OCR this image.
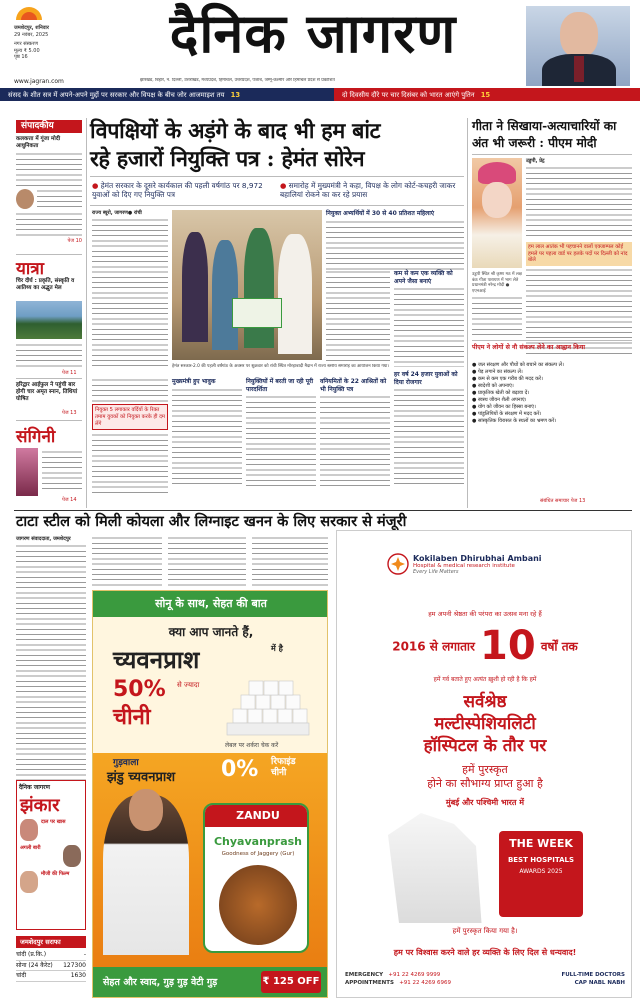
जमशेदपुर, शनिवार
29 नवंबर, 2025
नगर संस्करण
मूल्य ₹ 5.00
पृष्ठ 16	दैनिक जागरण
www.jagran.com	झारखंड, बिहार, नं. दिल्ली, उत्तराखंड, मध्यप्रदेश, हिमाचल, उत्तरप्रदेश, पंजाब, जम्मू-कश्मीर और हिमाचल प्रदेश से प्रकाशित
संसद के शीत सत्र में अपने-अपने मुद्दों पर सरकार और विपक्ष के बीच जोर आजमाइश तय 13	दो दिवसीय दौरे पर चार दिसंबर को भारत आएंगे पुतिन 15
संपादकीय
कलकत्ता में गूंजा मोदी आधुनिकता
पेज 10
यात्रा
चिर दीर्घ : प्रकृति, संस्कृति व आतिथ्य का अद्भुत मेल
पेज 11
हरिद्वार आईफुल ने पहुंची बार होगी चार अमृत स्नान, तिथियां घोषित
पेज 13
संगिनी
पेज 14
विपक्षियों के अड़ंगे के बाद भी हम बांट
रहे हजारों नियुक्ति पत्र : हेमंत सोरेन
● हेमंत सरकार के दूसरे कार्यकाल की पहली वर्षगांठ पर 8,972 युवाओं को दिए गए नियुक्ति पत्र
● समारोह में मुख्यमंत्री ने कहा, विपक्ष के लोग कोर्ट-कचहरी जाकर बहालियां रोकने का कर रहे प्रयास
राज्य ब्यूरो, जागरण● रांची
हेमंत सरकार-2.0 की पहली वर्षगांठ के अवसर पर शुक्रवार को रांची स्थित मोरहाबादी मैदान में राज्य स्तरीय समारोह का आयोजन किया गया।
नियुक्त अभ्यर्थियों में 30 से 40 प्रतिशत महिलाएं
नियुक्त 5 लगाकार वर्दियों के रिक्त तमाम युवकों को नियुक्त करके ही दम लेंगे
मुख्यमंत्री हुए भावुक	नियुक्तियों में बरती जा रही पूरी पारदर्शिता
वनियमितों के 22 आश्रितों को भी नियुक्ति पत्र
कम से कम एक व्यक्ति को अपने जैसा बनाएं
हर वर्ष 24 हजार युवाओं को दिया रोजगार
गीता ने सिखाया-अत्याचारियों का अंत भी जरूरी : पीएम मोदी
उडुपी, प्रेट्र
हम लाल आतंक भी पहचानने वालों एक्जाम्पल कोई हमले पर पहला वार्ड पर हलके पदों पर दिल्ली को नांद बोले
उडुपी स्थित श्री कृष्ण मठ में लक्ष कंठ गीता पारायण में भाग लेते प्रधानमंत्री नरेन्द्र मोदी ● एएनआई
पीएम ने लोगों से नौ संकल्प लेने का आह्वान किया
● जल संरक्षण और पौधों को बचाने का संकल्प लें।
● पेड़ लगाने का संकल्प लें।
● कम से कम एक गरीब की मदद करें।
● स्वदेशी को अपनाएं।
● प्राकृतिक खेती को बढ़ावा दें।
● स्वस्थ जीवन शैली अपनाएं।
● योग को जीवन का हिस्सा बनाएं।
● पांडुलिपियों के संरक्षण में मदद करें।
● सांस्कृतिक विरासत के स्थलों का भ्रमण करें।
संबंधित समाचार पेज 13
टाटा स्टील को मिली कोयला और लिग्नाइट खनन के लिए सरकार से मंजूरी
जागरण संवाददाता, जमशेदपुर
सोनू के साथ, सेहत की बात
क्या आप जानते हैं,
च्यवनप्राश	में है
50% से ज्यादा
चीनी
लेबल पर शर्करा चेक करें
गुड़वाला
झंडु च्यवनप्राश 0% रिफाइंड
चीनी
ZANDU
Chyavanprash
Goodness of Jaggery (Gur)
सेहत और स्वाद, गुड़ गुड़ वेटी गुड़	₹ 125 OFF
दैनिक जागरण
झंकार
दाल पर खास
अगली बारी
मौजी की फिल्म
जमशेदपुर सराफा
चांदी (प्र.कि.)	-
सोना (24 कैरेट) 127300
चांदी	1630
Kokilaben Dhirubhai Ambani
Hospital & medical research institute
Every Life Matters
हम अपनी श्रेष्ठता की परंपरा का उत्सव मना रहे हैं
2016 से लगातार 10 वर्षों तक
हमें गर्व बताते हुए अत्यंत ख़ुशी हो रही है कि हमें
सर्वश्रेष्ठ
मल्टीस्पेशियलिटी
हॉस्पिटल के तौर पर
हमें पुरस्कृत
होने का सौभाग्य प्राप्त हुआ है
मुंबई और पश्चिमी भारत में
THE WEEK
BEST HOSPITALS
AWARDS 2025
हमें पुरस्कृत किया गया है।
हम पर विश्वास करने वाले हर व्यक्ति के लिए दिल से धन्यवाद!
EMERGENCY +91 22 4269 9999
APPOINTMENTS +91 22 4269 6969
FULL-TIME DOCTORS
CAP NABL NABH
